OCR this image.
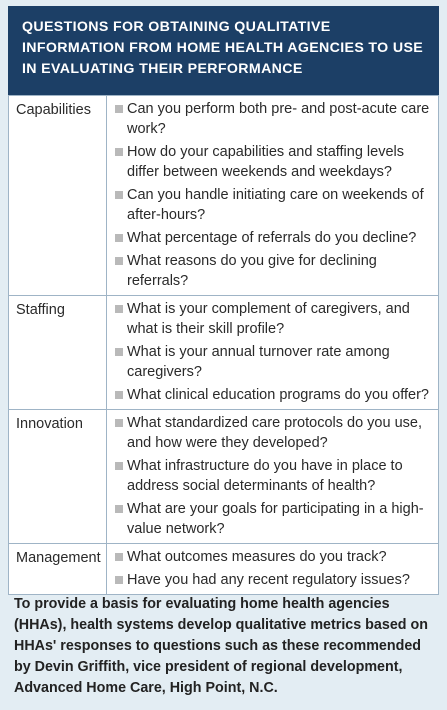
QUESTIONS FOR OBTAINING QUALITATIVE INFORMATION FROM HOME HEALTH AGENCIES TO USE IN EVALUATING THEIR PERFORMANCE
Capabilities	Can you perform both pre- and post-acute care work?
How do your capabilities and staffing levels differ between weekends and weekdays?
Can you handle initiating care on weekends of after-hours?
What percentage of referrals do you decline?
What reasons do you give for declining referrals?
Staffing	What is your complement of caregivers, and what is their skill profile?
What is your annual turnover rate among caregivers?
What clinical education programs do you offer?
Innovation	What standardized care protocols do you use, and how were they developed?
What infrastructure do you have in place to address social determinants of health?
What are your goals for participating in a high-value network?
Management	What outcomes measures do you track?
Have you had any recent regulatory issues?
To provide a basis for evaluating home health agencies (HHAs), health systems develop qualitative metrics based on HHAs' responses to questions such as these recommended by Devin Griffith, vice president of regional development, Advanced Home Care, High Point, N.C.
